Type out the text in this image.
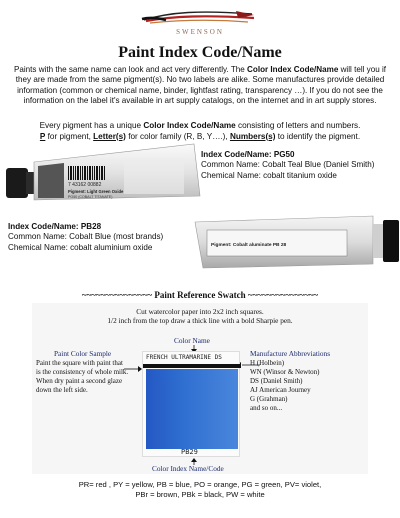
SWENSON
Paint Index Code/Name
Paints with the same name can look and act very differently. The Color Index Code/Name will tell you if they are made from the same pigment(s). No two labels are alike. Some manufactures provide detailed information (common or chemical name, binder, lightfast rating, transparency …). If you do not see the information on the label it's available in art supply catalogs, on the internet and in art supply stores.
Every pigment has a unique Color Index Code/Name consisting of letters and numbers.
P for pigment, Letter(s) for color family (R, B, Y….), Numbers(s) to identify the pigment.
7 43162 00882
Pigment: Light Green Oxide
PG50 (COBALT TITANATE)
Index Code/Name: PG50
Common Name: Cobalt Teal Blue (Daniel Smith)
Chemical Name: cobalt titanium oxide
Index Code/Name: PB28
Common Name: Cobalt Blue (most brands)
Chemical Name: cobalt aluminium oxide	Pigment: Cobalt aluminate PB 28
~~~~~~~~~~~~~~~ Paint Reference Swatch ~~~~~~~~~~~~~~~
Cut watercolor paper into 2x2 inch squares.
1/2 inch from the top draw a thick line with a bold Sharpie pen.
Color Name
FRENCH ULTRAMARINE DS
PB29
Paint Color Sample
Paint the square with paint that
is the consistency of whole milk.
When dry paint a second glaze
down the left side.
Manufacture Abbreviations
H (Holbein)
WN (Winsor & Newton)
DS (Daniel Smith)
AJ American Journey
G (Grahman)
and so on...
Color Index Name/Code
PR= red , PY = yellow, PB = blue, PO = orange, PG = green, PV= violet,
PBr = brown, PBk = black, PW = white
